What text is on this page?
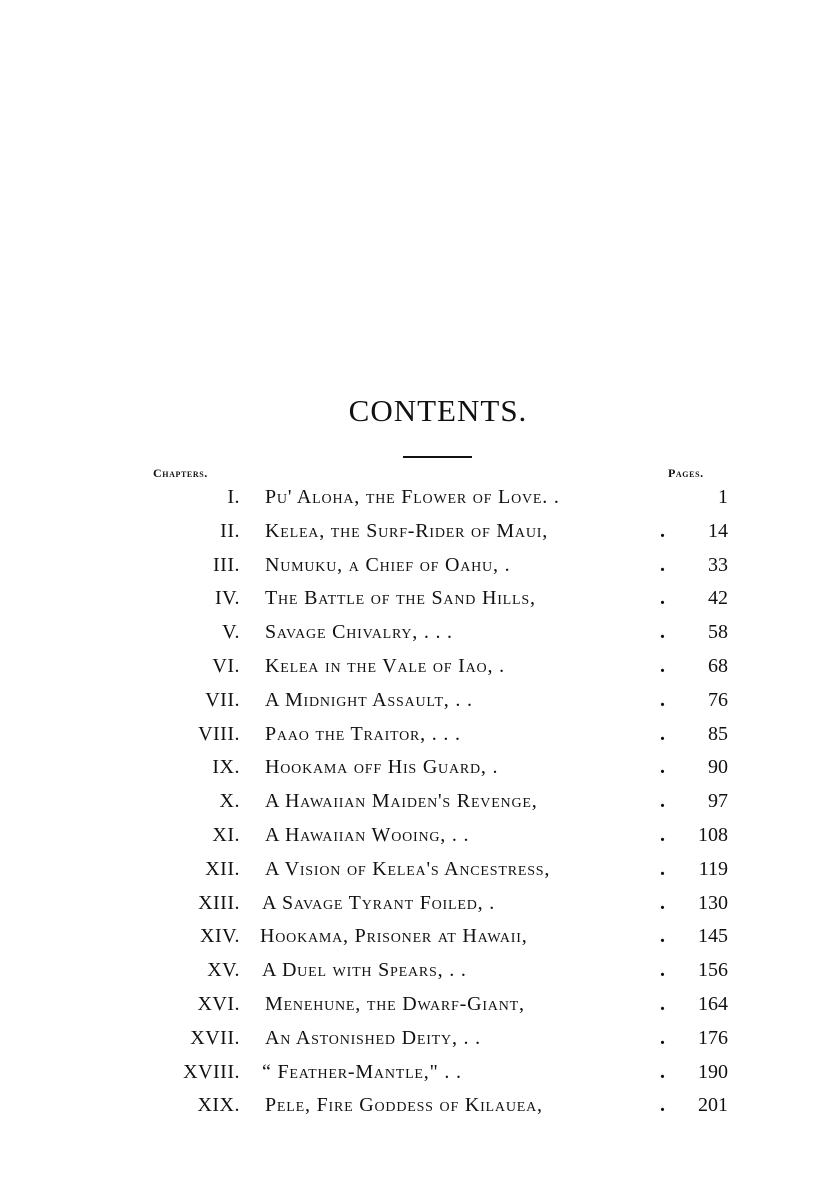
CONTENTS.
Chapters.	Pages.
I. Pu' Aloha, the Flower of Love. .	1
II. Kelea, the Surf-Rider of Maui,	. 14
III. Numuku, a Chief of Oahu, .	. 33
IV. The Battle of the Sand Hills,	. 42
V. Savage Chivalry, . . .	. 58
VI. Kelea in the Vale of Iao, .	. 68
VII. A Midnight Assault, . .	. 76
VIII. Paao the Traitor, . . .	. 85
IX. Hookama off His Guard, .	. 90
X. A Hawaiian Maiden's Revenge,	. 97
XI. A Hawaiian Wooing, . .	. 108
XII. A Vision of Kelea's Ancestress,	. 119
XIII. A Savage Tyrant Foiled, .	. 130
XIV. Hookama, Prisoner at Hawaii,	. 145
XV. A Duel with Spears, . .	. 156
XVI. Menehune, the Dwarf-Giant,	. 164
XVII. An Astonished Deity, . .	. 176
XVIII. “ Feather-Mantle," . .	. 190
XIX. Pele, Fire Goddess of Kilauea,	. 201
